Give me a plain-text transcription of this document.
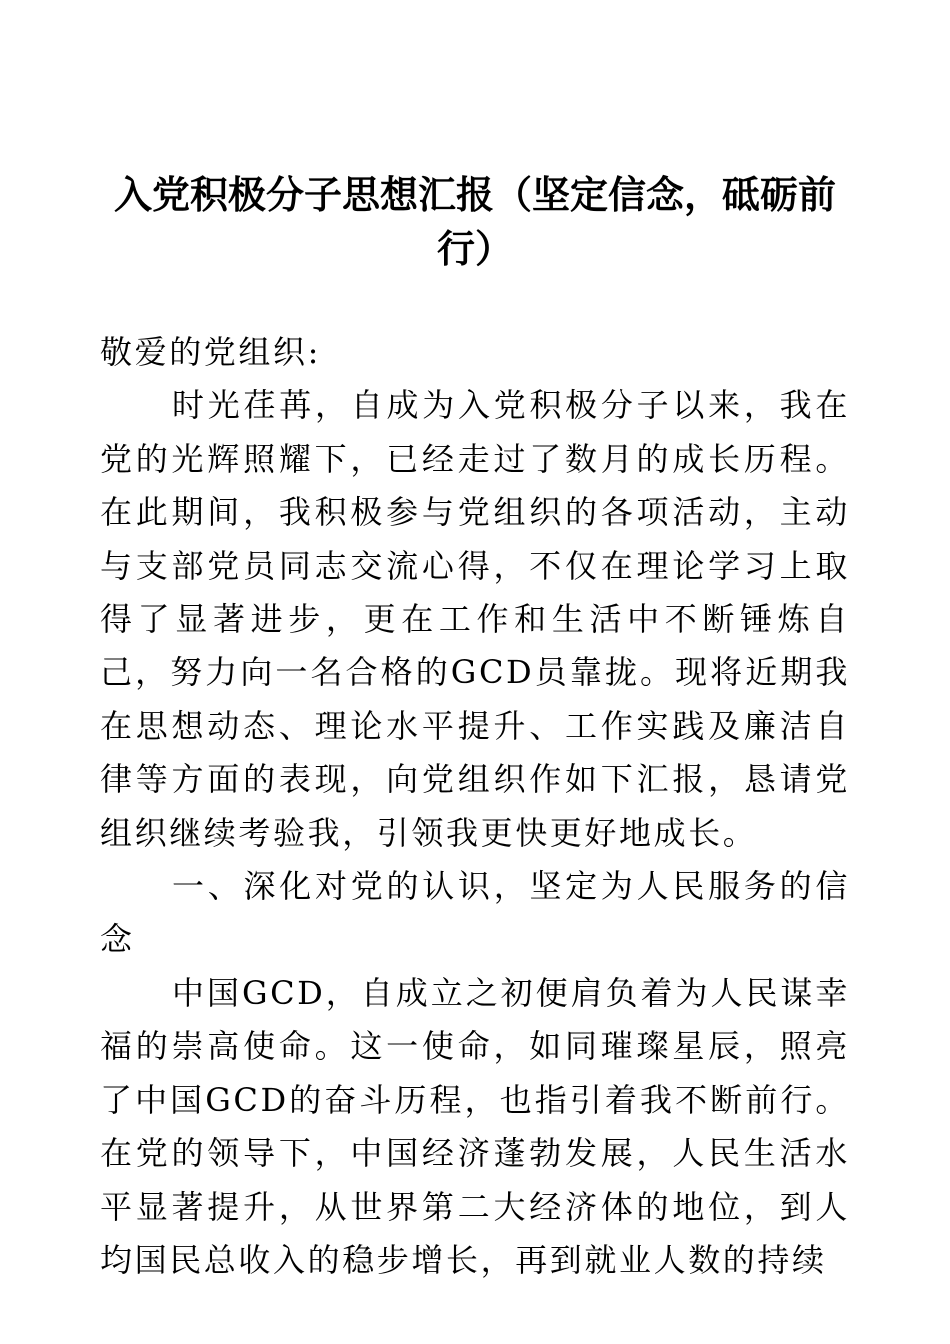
入党积极分子思想汇报（坚定信念，砥砺前行）

敬爱的党组织:

时光荏苒，自成为入党积极分子以来，我在党的光辉照耀下，已经走过了数月的成长历程。在此期间，我积极参与党组织的各项活动，主动与支部党员同志交流心得，不仅在理论学习上取得了显著进步，更在工作和生活中不断锤炼自己，努力向一名合格的GCD员靠拢。现将近期我在思想动态、理论水平提升、工作实践及廉洁自律等方面的表现，向党组织作如下汇报，恳请党组织继续考验我，引领我更快更好地成长。

一、深化对党的认识，坚定为人民服务的信念

中国GCD，自成立之初便肩负着为人民谋幸福的崇高使命。这一使命，如同璀璨星辰，照亮了中国GCD的奋斗历程，也指引着我不断前行。在党的领导下，中国经济蓬勃发展，人民生活水平显著提升，从世界第二大经济体的地位，到人均国民总收入的稳步增长，再到就业人数的持续
